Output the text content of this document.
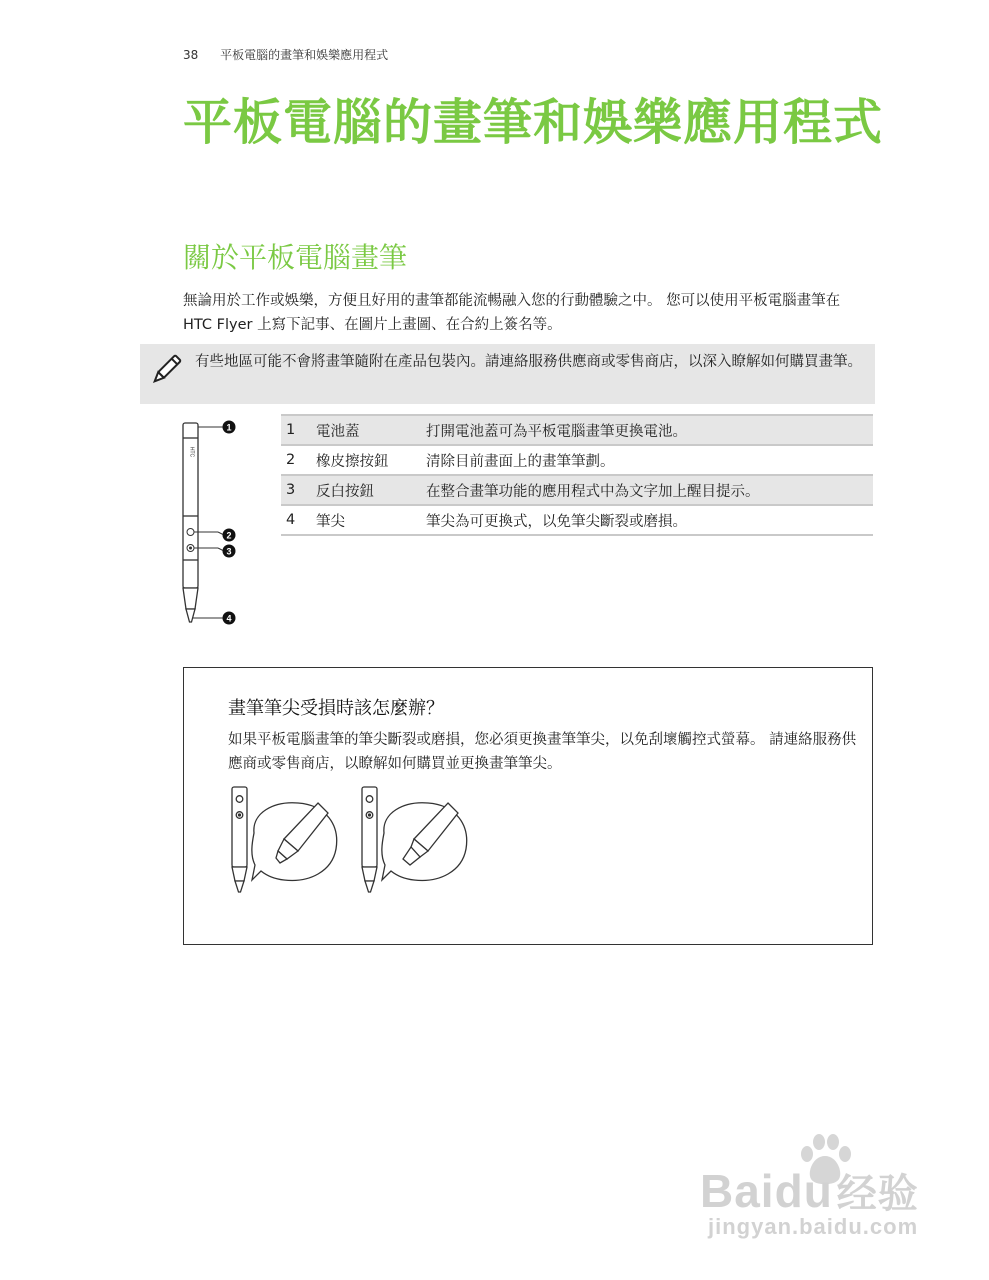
38 平板電腦的畫筆和娛樂應用程式
平板電腦的畫筆和娛樂應用程式
關於平板電腦畫筆

無論用於工作或娛樂，方便且好用的畫筆都能流暢融入您的行動體驗之中。 您可以使用平板電腦畫筆在 HTC Flyer 上寫下記事、在圖片上畫圖、在合約上簽名等。

有些地區可能不會將畫筆隨附在產品包裝內。請連絡服務供應商或零售商店，以深入瞭解如何購買畫筆。
HTC
1
2
3
4
1	電池蓋	打開電池蓋可為平板電腦畫筆更換電池。
2	橡皮擦按鈕	清除目前畫面上的畫筆筆劃。
3	反白按鈕	在整合畫筆功能的應用程式中為文字加上醒目提示。
4	筆尖	筆尖為可更換式，以免筆尖斷裂或磨損。
畫筆筆尖受損時該怎麼辦？
如果平板電腦畫筆的筆尖斷裂或磨損，您必須更換畫筆筆尖，以免刮壞觸控式螢幕。 請連絡服務供應商或零售商店，以瞭解如何購買並更換畫筆筆尖。
Baidu 经验
jingyan.baidu.com
